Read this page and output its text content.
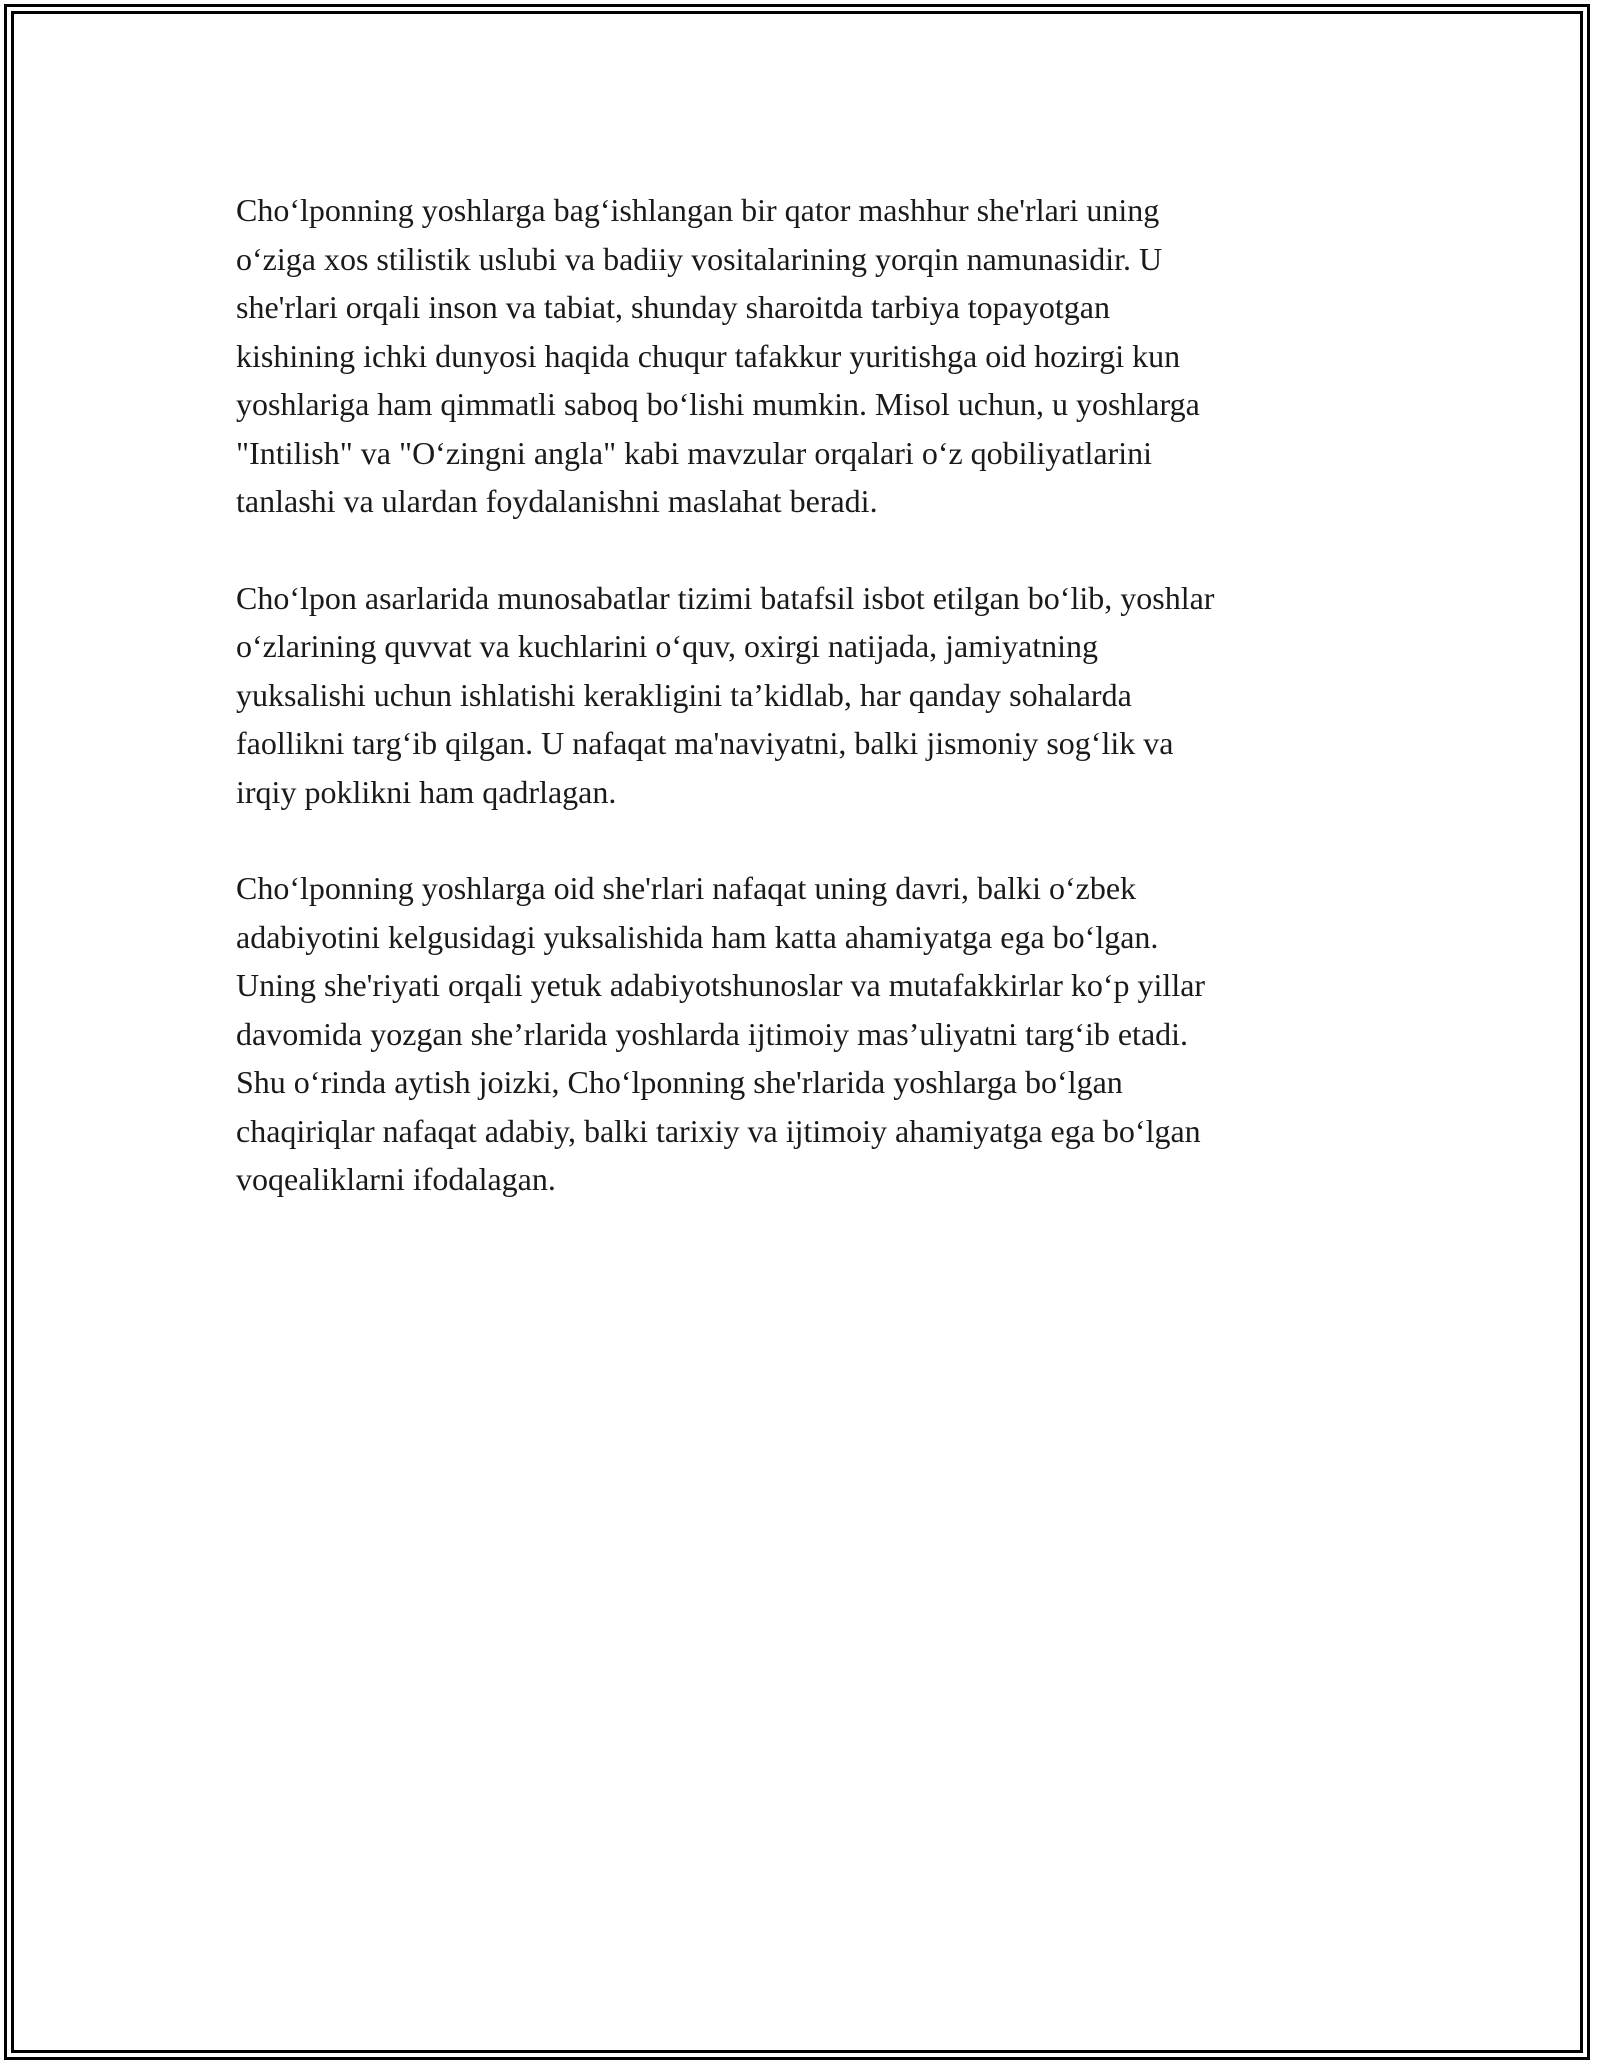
Cho‘lponning yoshlarga bag‘ishlangan bir qator mashhur she'rlari uning
o‘ziga xos stilistik uslubi va badiiy vositalarining yorqin namunasidir. U
she'rlari orqali inson va tabiat, shunday sharoitda tarbiya topayotgan
kishining ichki dunyosi haqida chuqur tafakkur yuritishga oid hozirgi kun
yoshlariga ham qimmatli saboq bo‘lishi mumkin. Misol uchun, u yoshlarga
"Intilish" va "O‘zingni angla" kabi mavzular orqalari o‘z qobiliyatlarini
tanlashi va ulardan foydalanishni maslahat beradi.

Cho‘lpon asarlarida munosabatlar tizimi batafsil isbot etilgan bo‘lib, yoshlar
o‘zlarining quvvat va kuchlarini o‘quv, oxirgi natijada, jamiyatning
yuksalishi uchun ishlatishi kerakligini ta’kidlab, har qanday sohalarda
faollikni targ‘ib qilgan. U nafaqat ma'naviyatni, balki jismoniy sog‘lik va
irqiy poklikni ham qadrlagan.

Cho‘lponning yoshlarga oid she'rlari nafaqat uning davri, balki o‘zbek
adabiyotini kelgusidagi yuksalishida ham katta ahamiyatga ega bo‘lgan.
Uning she'riyati orqali yetuk adabiyotshunoslar va mutafakkirlar ko‘p yillar
davomida yozgan she’rlarida yoshlarda ijtimoiy mas’uliyatni targ‘ib etadi.
Shu o‘rinda aytish joizki, Cho‘lponning she'rlarida yoshlarga bo‘lgan
chaqiriqlar nafaqat adabiy, balki tarixiy va ijtimoiy ahamiyatga ega bo‘lgan
voqealiklarni ifodalagan.
